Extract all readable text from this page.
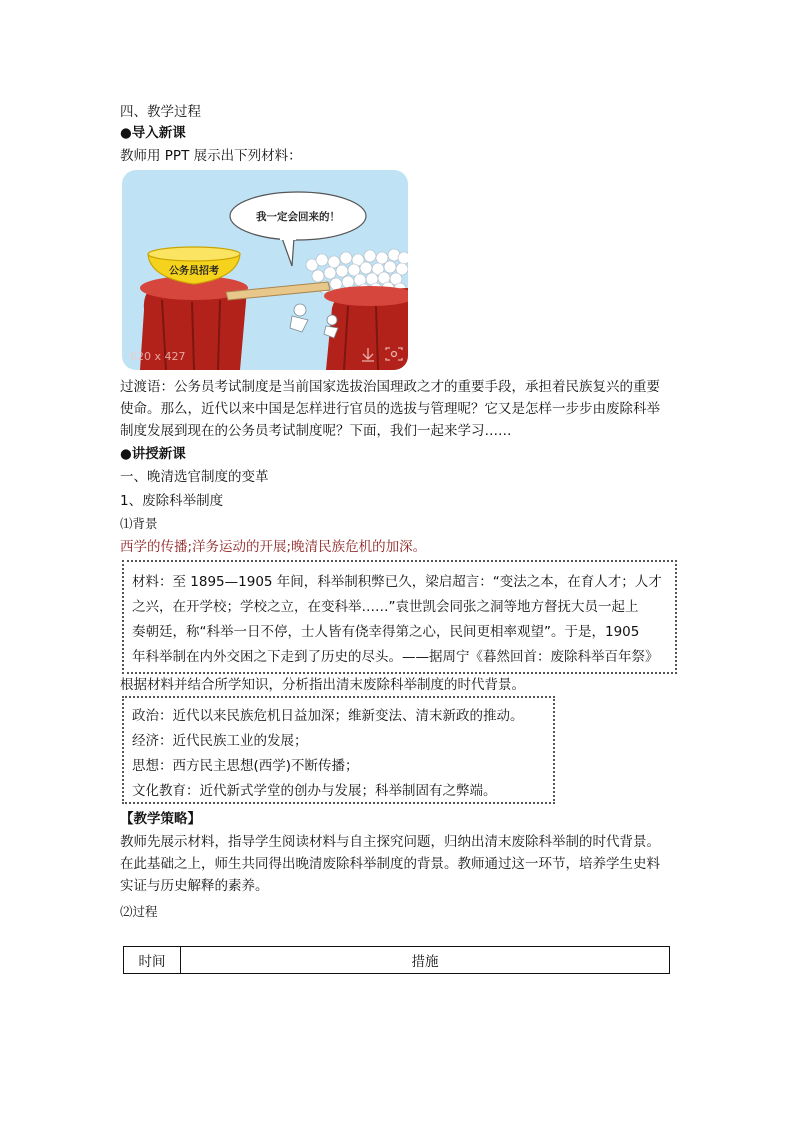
四、教学过程
●导入新课
教师用 PPT 展示出下列材料：
公务员招考
我一定会回来的！
620 x 427
过渡语：公务员考试制度是当前国家选拔治国理政之才的重要手段，承担着民族复兴的重要
使命。那么，近代以来中国是怎样进行官员的选拔与管理呢？它又是怎样一步步由废除科举
制度发展到现在的公务员考试制度呢？下面，我们一起来学习……
●讲授新课
一、晚清选官制度的变革
1、废除科举制度
⑴背景
西学的传播;洋务运动的开展;晚清民族危机的加深。
材料：至 1895—1905 年间，科举制积弊已久，梁启超言：“变法之本，在育人才；人才
之兴，在开学校；学校之立，在变科举……”袁世凯会同张之洞等地方督抚大员一起上
奏朝廷，称“科举一日不停，士人皆有侥幸得第之心，民间更相率观望”。于是，1905
年科举制在内外交困之下走到了历史的尽头。——据周宁《暮然回首：废除科举百年祭》
根据材料并结合所学知识，分析指出清末废除科举制度的时代背景。
政治：近代以来民族危机日益加深；维新变法、清末新政的推动。
经济：近代民族工业的发展；
思想：西方民主思想(西学)不断传播；
文化教育：近代新式学堂的创办与发展；科举制固有之弊端。
【教学策略】
教师先展示材料，指导学生阅读材料与自主探究问题，归纳出清末废除科举制的时代背景。
在此基础之上，师生共同得出晚清废除科举制度的背景。教师通过这一环节，培养学生史料
实证与历史解释的素养。
⑵过程
时间	措施
